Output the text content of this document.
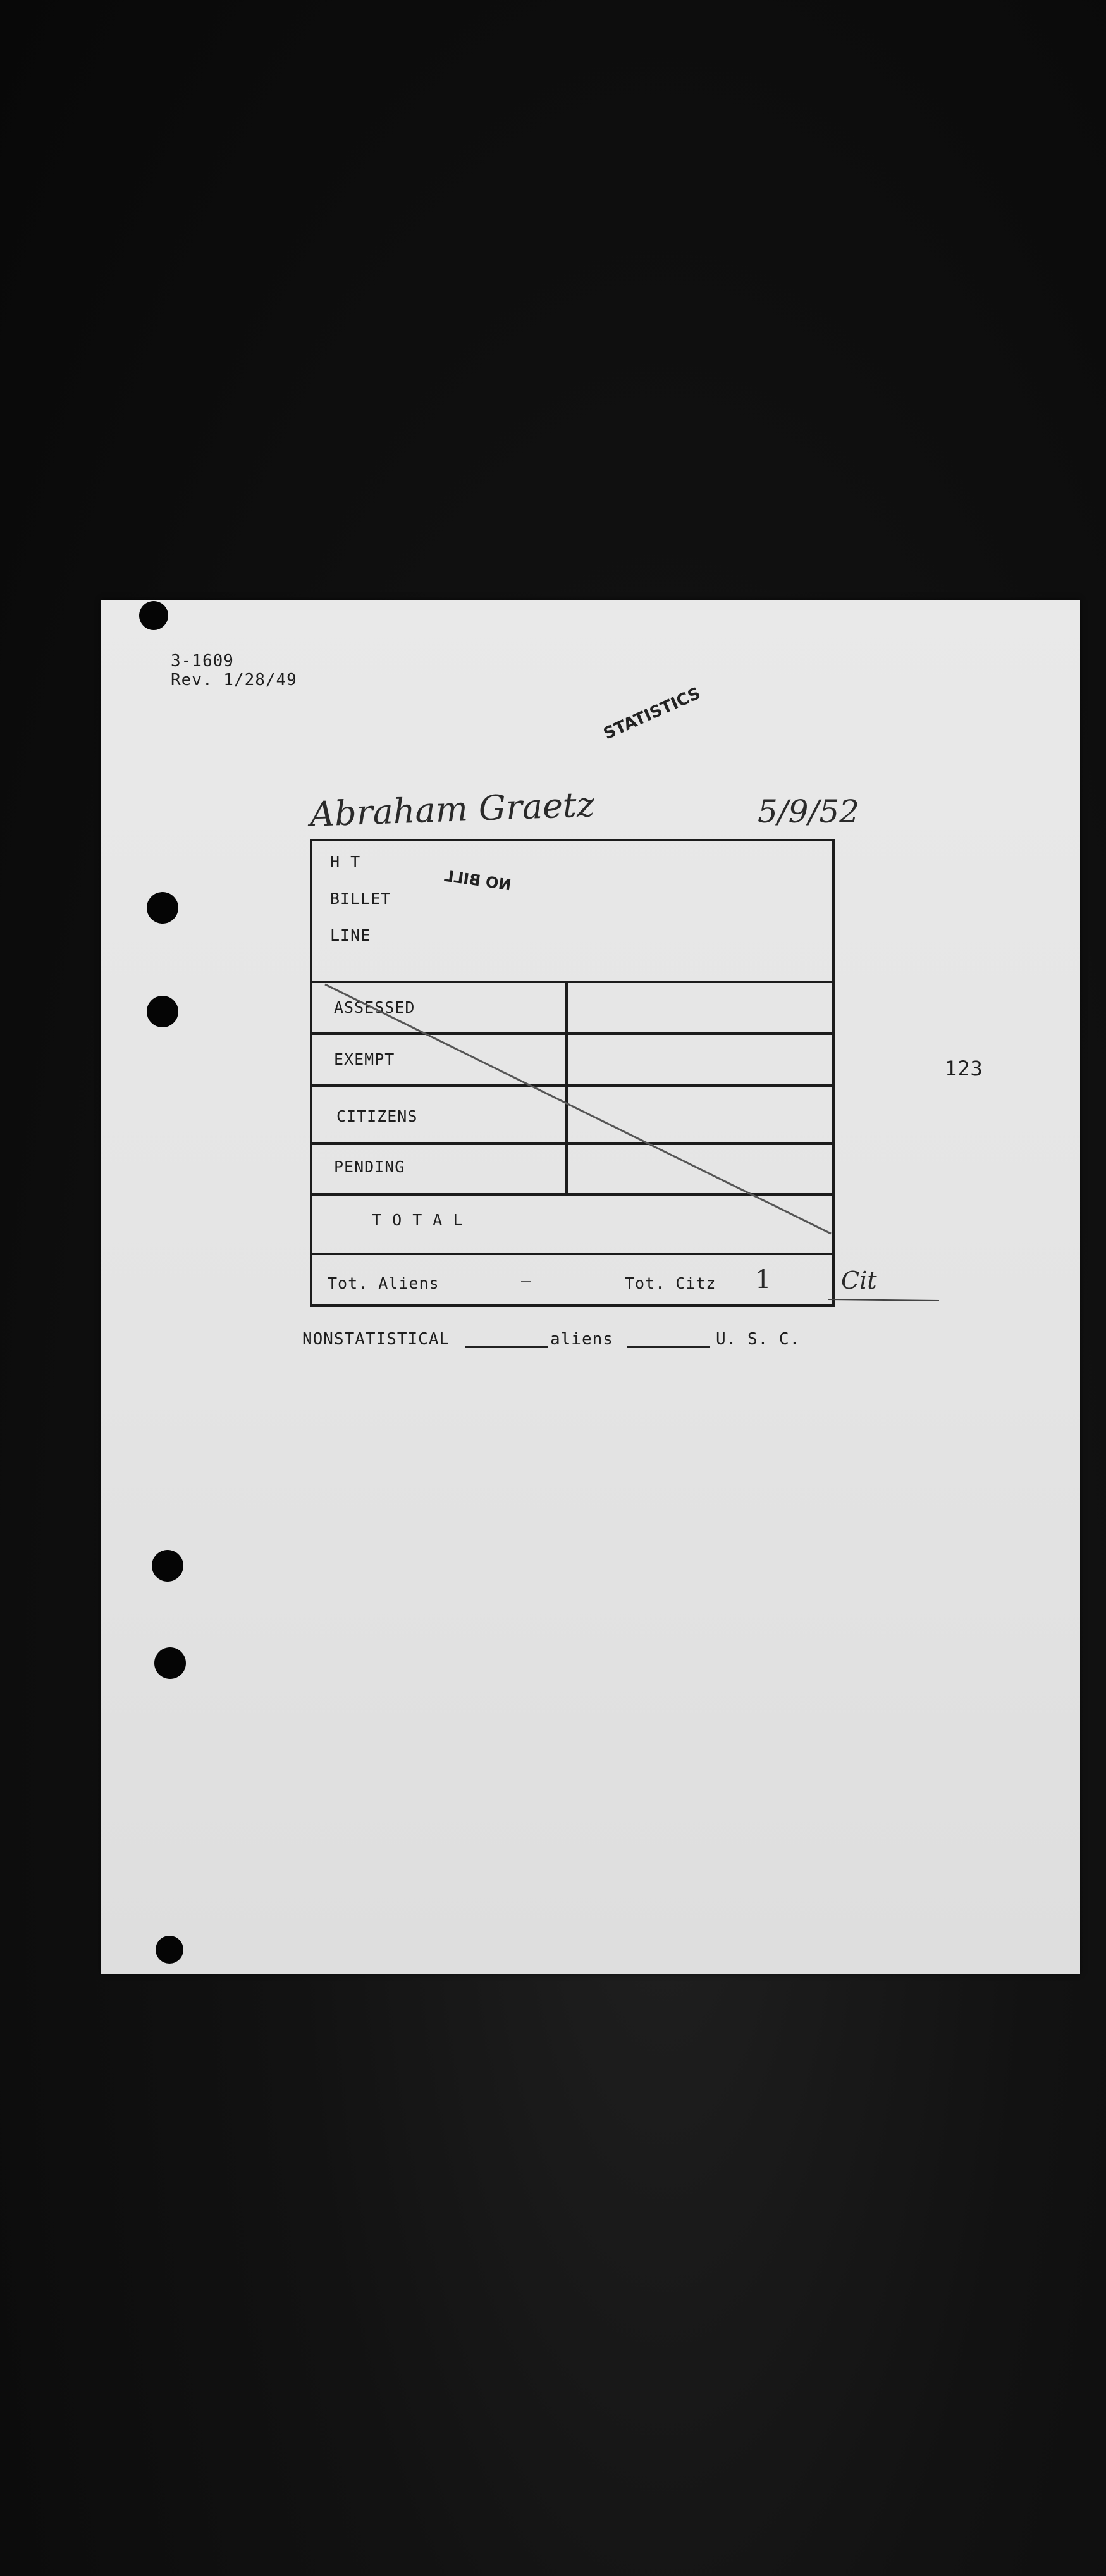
3-1609
Rev. 1/28/49
STATISTICS
Abraham Graetz	5/9/52
123
H T
BILLET
LINE
NO BILL
ASSESSED
EXEMPT
CITIZENS
PENDING
T O T A L
Tot. Aliens	—	Tot. Citz 1	Cit
NONSTATISTICAL	aliens	U. S. C.
